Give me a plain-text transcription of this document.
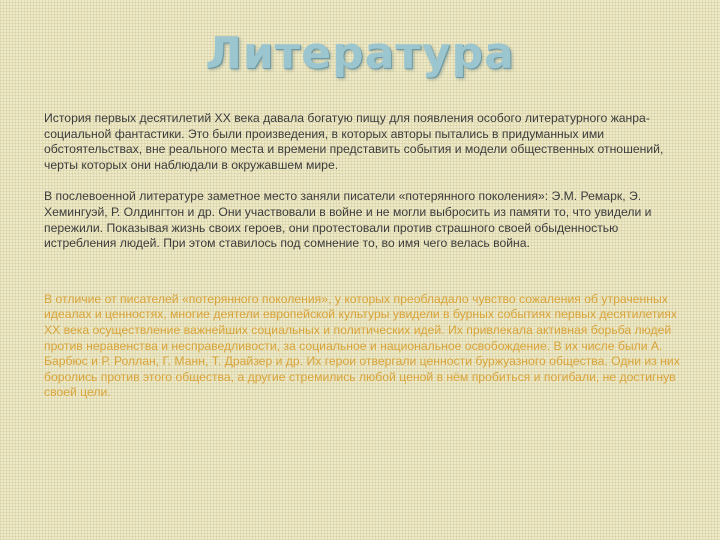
Литература

История первых десятилетий XX века давала богатую пищу для появления особого литературного жанра- социальной фантастики. Это были произведения, в которых авторы пытались в придуманных ими обстоятельствах, вне реального места и времени представить события и модели общественных отношений, черты которых они наблюдали в окружавшем мире.

В послевоенной литературе заметное место заняли писатели «потерянного поколения»: Э.М. Ремарк, Э. Хемингуэй, Р. Олдингтон и др. Они участвовали в войне и не могли выбросить из памяти то, что увидели и пережили. Показывая жизнь своих героев, они протестовали против страшного своей обыденностью истребления людей. При этом ставилось под сомнение то, во имя чего велась война.

В отличие от писателей «потерянного поколения», у которых преобладало чувство сожаления об утраченных идеалах и ценностях, многие деятели европейской культуры увидели в бурных событиях первых десятилетиях XX века осуществление важнейших социальных и политических идей. Их привлекала активная борьба людей против неравенства и несправедливости, за социальное и национальное освобождение. В их числе были А. Барбюс и Р. Роллан, Г. Манн, Т. Драйзер и др. Их герои отвергали ценности буржуазного общества. Одни из них боролись против этого общества, а другие стремились любой ценой в нём пробиться и погибали, не достигнув своей цели.
